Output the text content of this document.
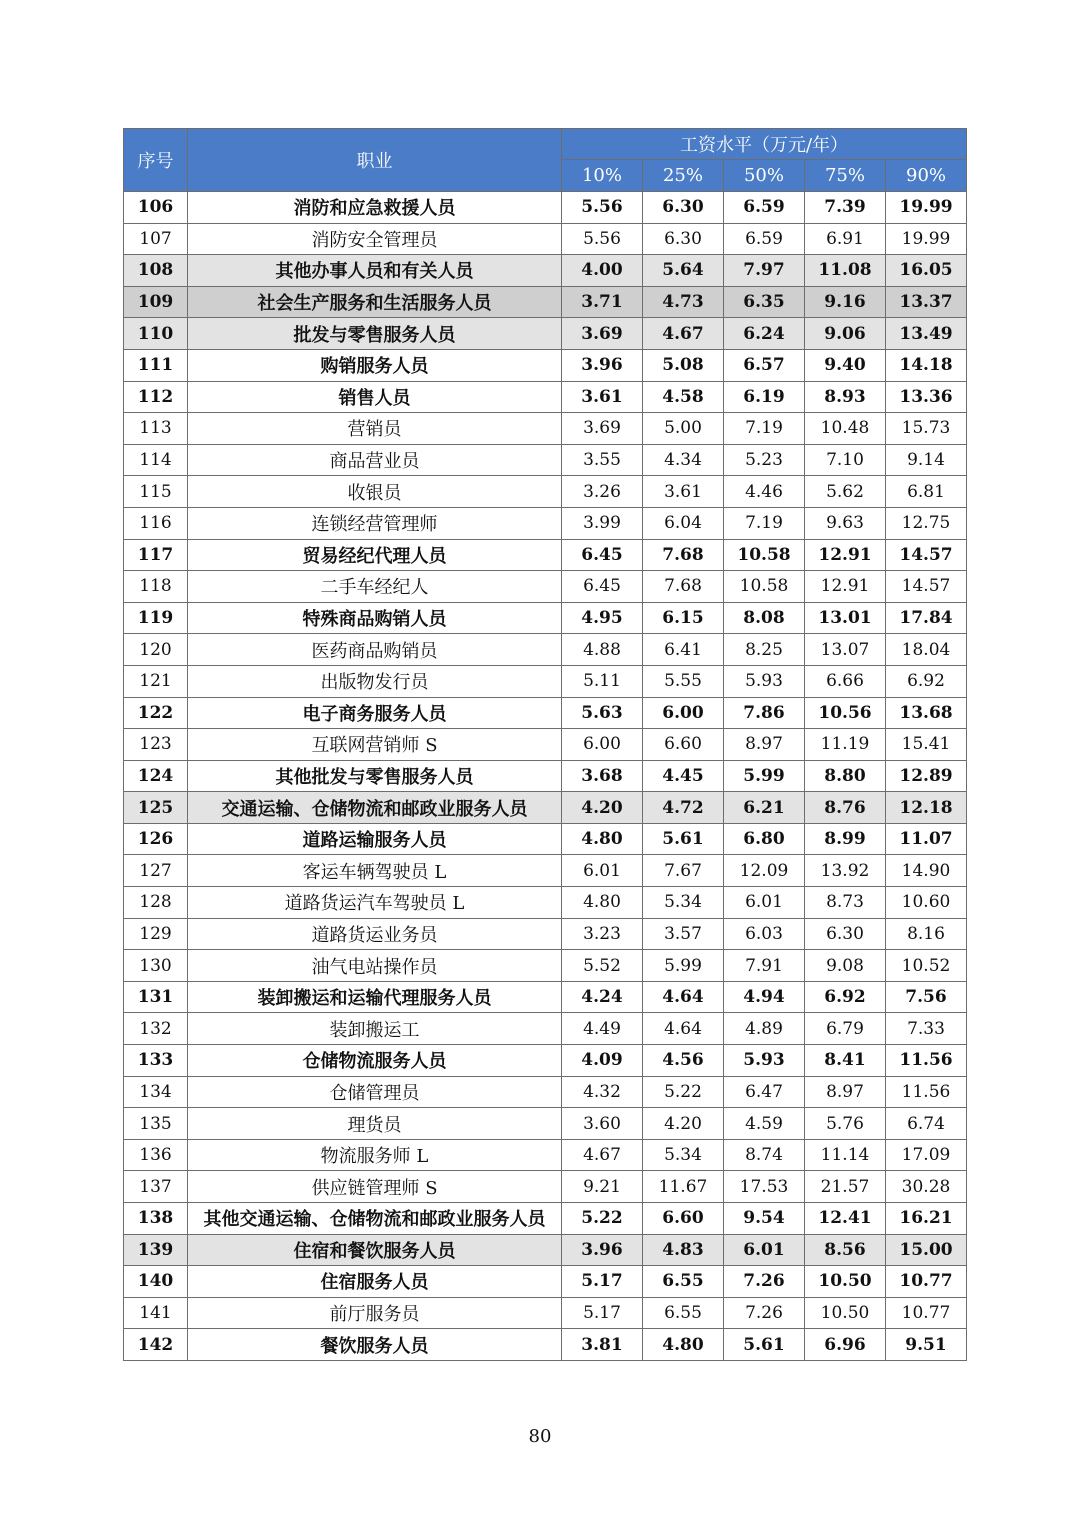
序号	职业	工资水平（万元/年）				
		10%	25%	50%	75%	90%
106	消防和应急救援人员	5.56	6.30	6.59	7.39	19.99
107	消防安全管理员	5.56	6.30	6.59	6.91	19.99
108	其他办事人员和有关人员	4.00	5.64	7.97	11.08	16.05
109	社会生产服务和生活服务人员	3.71	4.73	6.35	9.16	13.37
110	批发与零售服务人员	3.69	4.67	6.24	9.06	13.49
111	购销服务人员	3.96	5.08	6.57	9.40	14.18
112	销售人员	3.61	4.58	6.19	8.93	13.36
113	营销员	3.69	5.00	7.19	10.48	15.73
114	商品营业员	3.55	4.34	5.23	7.10	9.14
115	收银员	3.26	3.61	4.46	5.62	6.81
116	连锁经营管理师	3.99	6.04	7.19	9.63	12.75
117	贸易经纪代理人员	6.45	7.68	10.58	12.91	14.57
118	二手车经纪人	6.45	7.68	10.58	12.91	14.57
119	特殊商品购销人员	4.95	6.15	8.08	13.01	17.84
120	医药商品购销员	4.88	6.41	8.25	13.07	18.04
121	出版物发行员	5.11	5.55	5.93	6.66	6.92
122	电子商务服务人员	5.63	6.00	7.86	10.56	13.68
123	互联网营销师 S	6.00	6.60	8.97	11.19	15.41
124	其他批发与零售服务人员	3.68	4.45	5.99	8.80	12.89
125	交通运输、仓储物流和邮政业服务人员	4.20	4.72	6.21	8.76	12.18
126	道路运输服务人员	4.80	5.61	6.80	8.99	11.07
127	客运车辆驾驶员 L	6.01	7.67	12.09	13.92	14.90
128	道路货运汽车驾驶员 L	4.80	5.34	6.01	8.73	10.60
129	道路货运业务员	3.23	3.57	6.03	6.30	8.16
130	油气电站操作员	5.52	5.99	7.91	9.08	10.52
131	装卸搬运和运输代理服务人员	4.24	4.64	4.94	6.92	7.56
132	装卸搬运工	4.49	4.64	4.89	6.79	7.33
133	仓储物流服务人员	4.09	4.56	5.93	8.41	11.56
134	仓储管理员	4.32	5.22	6.47	8.97	11.56
135	理货员	3.60	4.20	4.59	5.76	6.74
136	物流服务师 L	4.67	5.34	8.74	11.14	17.09
137	供应链管理师 S	9.21	11.67	17.53	21.57	30.28
138	其他交通运输、仓储物流和邮政业服务人员	5.22	6.60	9.54	12.41	16.21
139	住宿和餐饮服务人员	3.96	4.83	6.01	8.56	15.00
140	住宿服务人员	5.17	6.55	7.26	10.50	10.77
141	前厅服务员	5.17	6.55	7.26	10.50	10.77
142	餐饮服务人员	3.81	4.80	5.61	6.96	9.51
80
